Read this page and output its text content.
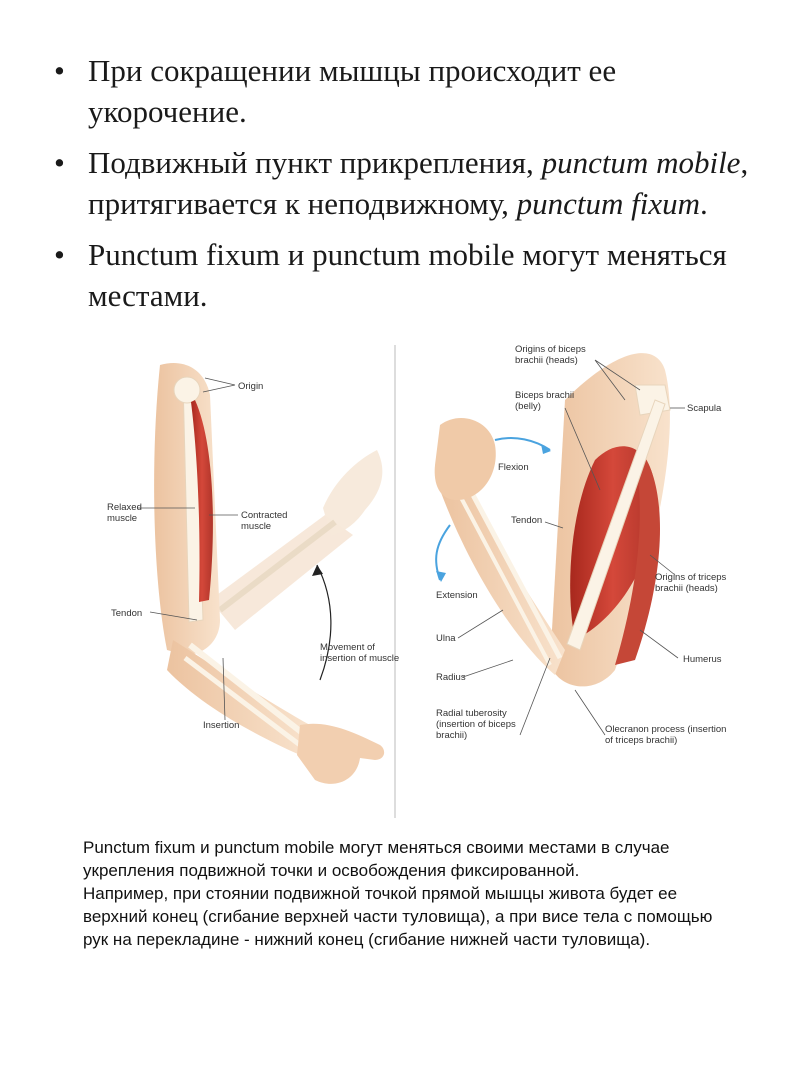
• При сокращении мышцы происходит ее укорочение.
• Подвижный пункт прикрепления, punctum mobile, притягивается к неподвижному, punctum fixum.
• Punctum fixum и punctum mobile могут меняться местами.
Origin
Relaxed
muscle	Contracted
muscle
Tendon
Movement of
insertion of muscle
Insertion
Origins of biceps
brachii (heads)
Biceps brachii
(belly)	Scapula
Flexion
Tendon
Extension
Origins of triceps
brachii (heads)
Ulna
Humerus
Radius
Radial tuberosity
(insertion of biceps
brachii)
Olecranon process (insertion
of triceps brachii)

Punctum fixum и punctum mobile могут меняться своими местами в случае укрепления подвижной точки и освобождения фиксированной.

Например, при стоянии подвижной точкой прямой мышцы живота будет ее верхний конец (сгибание верхней части туловища), а при висе тела с помощью рук на перекладине - нижний конец (сгибание нижней части туловища).
